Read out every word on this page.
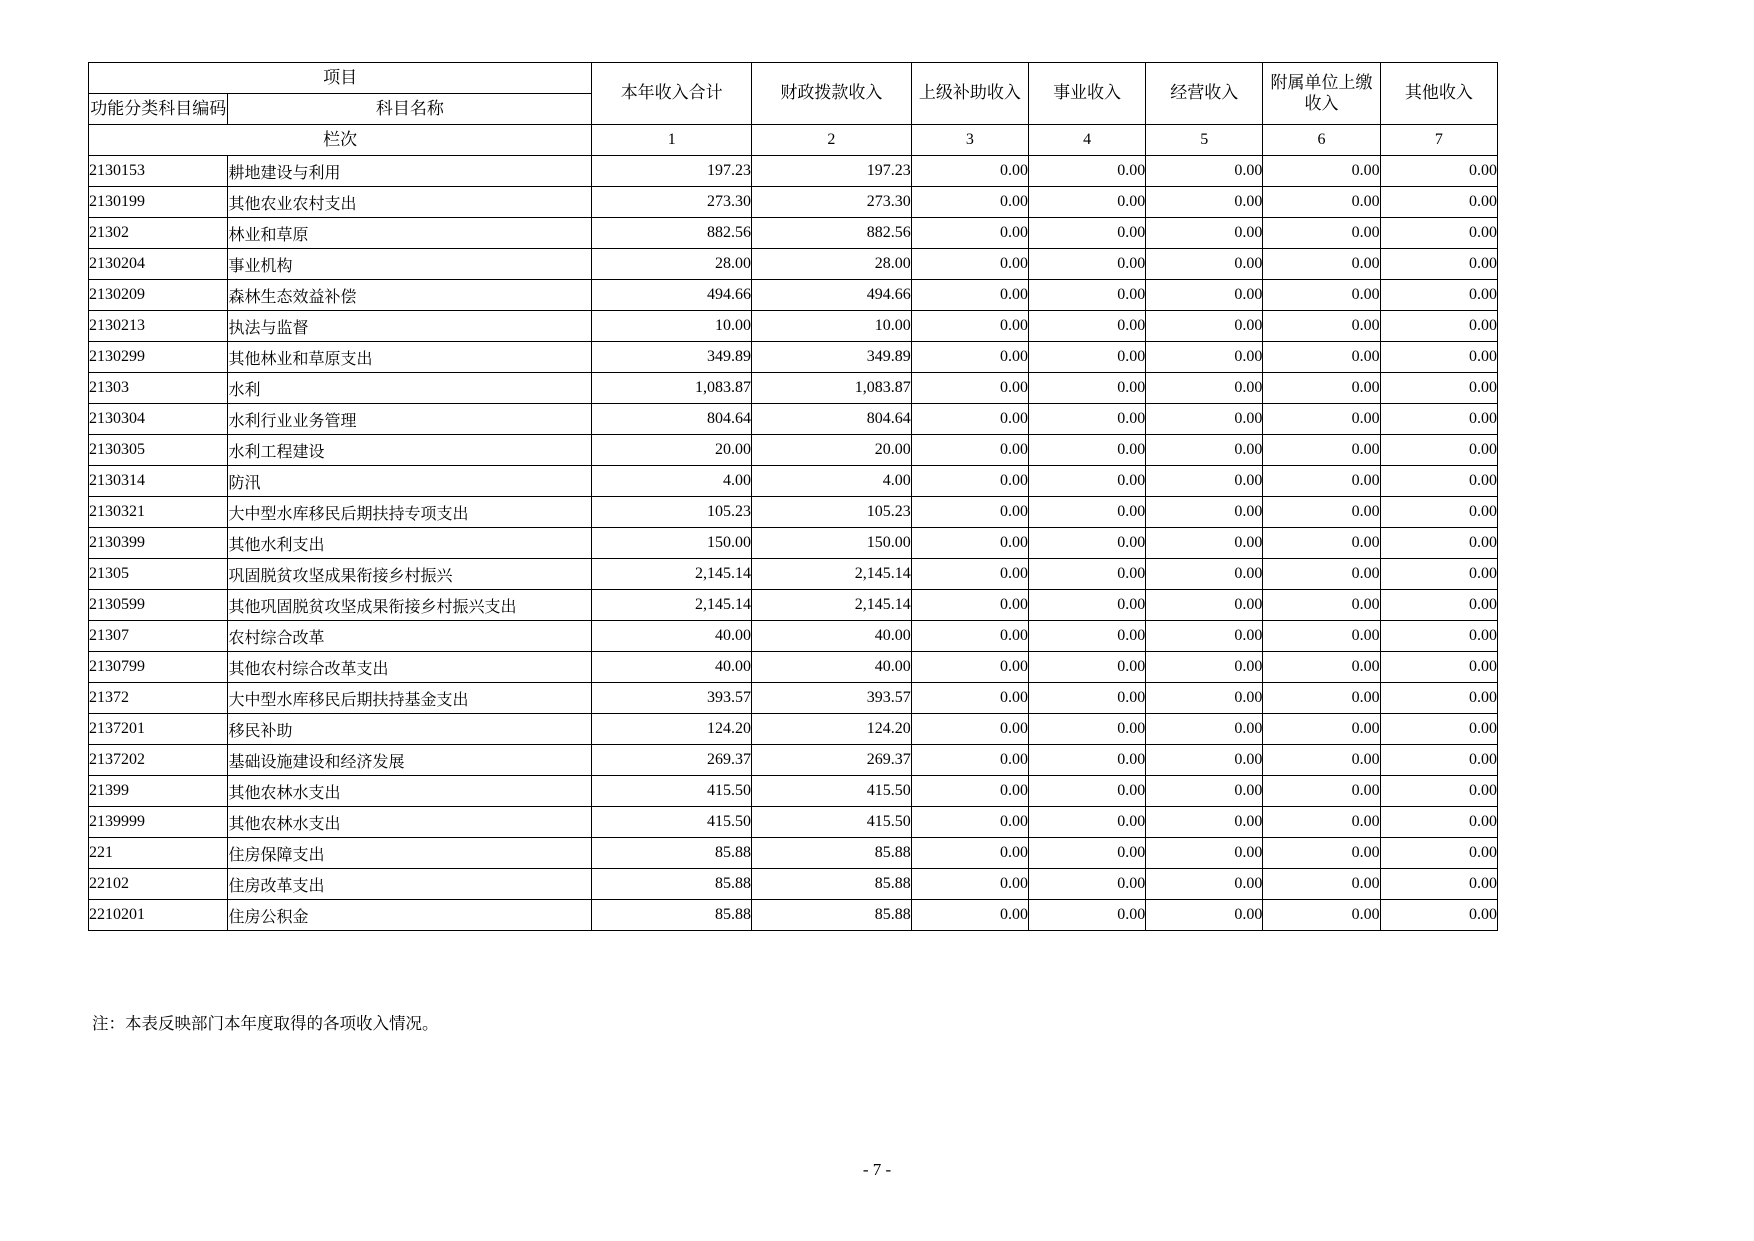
项目		本年收入合计	财政拨款收入	上级补助收入	事业收入	经营收入	附属单位上缴收入	其他收入
功能分类科目编码	科目名称							
栏次		1	2	3	4	5	6	7
2130153	耕地建设与利用	197.23	197.23	0.00	0.00	0.00	0.00	0.00
2130199	其他农业农村支出	273.30	273.30	0.00	0.00	0.00	0.00	0.00
21302	林业和草原	882.56	882.56	0.00	0.00	0.00	0.00	0.00
2130204	事业机构	28.00	28.00	0.00	0.00	0.00	0.00	0.00
2130209	森林生态效益补偿	494.66	494.66	0.00	0.00	0.00	0.00	0.00
2130213	执法与监督	10.00	10.00	0.00	0.00	0.00	0.00	0.00
2130299	其他林业和草原支出	349.89	349.89	0.00	0.00	0.00	0.00	0.00
21303	水利	1,083.87	1,083.87	0.00	0.00	0.00	0.00	0.00
2130304	水利行业业务管理	804.64	804.64	0.00	0.00	0.00	0.00	0.00
2130305	水利工程建设	20.00	20.00	0.00	0.00	0.00	0.00	0.00
2130314	防汛	4.00	4.00	0.00	0.00	0.00	0.00	0.00
2130321	大中型水库移民后期扶持专项支出	105.23	105.23	0.00	0.00	0.00	0.00	0.00
2130399	其他水利支出	150.00	150.00	0.00	0.00	0.00	0.00	0.00
21305	巩固脱贫攻坚成果衔接乡村振兴	2,145.14	2,145.14	0.00	0.00	0.00	0.00	0.00
2130599	其他巩固脱贫攻坚成果衔接乡村振兴支出	2,145.14	2,145.14	0.00	0.00	0.00	0.00	0.00
21307	农村综合改革	40.00	40.00	0.00	0.00	0.00	0.00	0.00
2130799	其他农村综合改革支出	40.00	40.00	0.00	0.00	0.00	0.00	0.00
21372	大中型水库移民后期扶持基金支出	393.57	393.57	0.00	0.00	0.00	0.00	0.00
2137201	移民补助	124.20	124.20	0.00	0.00	0.00	0.00	0.00
2137202	基础设施建设和经济发展	269.37	269.37	0.00	0.00	0.00	0.00	0.00
21399	其他农林水支出	415.50	415.50	0.00	0.00	0.00	0.00	0.00
2139999	其他农林水支出	415.50	415.50	0.00	0.00	0.00	0.00	0.00
221	住房保障支出	85.88	85.88	0.00	0.00	0.00	0.00	0.00
22102	住房改革支出	85.88	85.88	0.00	0.00	0.00	0.00	0.00
2210201	住房公积金	85.88	85.88	0.00	0.00	0.00	0.00	0.00
注：本表反映部门本年度取得的各项收入情况。
- 7 -
